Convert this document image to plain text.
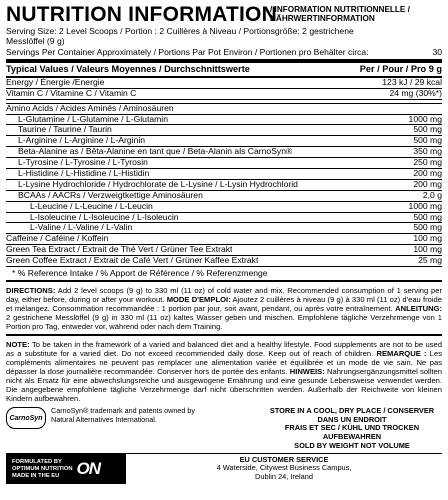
NUTRITION INFORMATION
/ INFORMATION NUTRITIONNELLE /
NÄHRWERTINFORMATION
Serving Size: 2 Level Scoops / Portion : 2 Cuillères à Niveau / Portionsgröße: 2 gestrichene
Messlöffel (9 g)
Servings Per Container Approximately / Portions Par Pot Environ / Portionen pro Behälter circa:	30
Typical Values / Valeurs Moyennes / Durchschnittswerte	Per / Pour / Pro 9 g
Energy / Énergie /Energie	123 kJ / 29 kcal
Vitamin C / Vitamine C / Vitamin C	24 mg (30%*)
Amino Acids / Acides Aminés / Aminosäuren
L-Glutamine / L-Glutamine / L-Glutamin	1000 mg
Taurine / Taurine / Taurin	500 mg
L-Arginine / L-Arginine / L-Arginin	500 mg
Beta-Alanine as / Bêta-Alanine en tant que / Beta-Alanin als CarnoSyn®	350 mg
L-Tyrosine / L-Tyrosine / L-Tyrosin	250 mg
L-Histidine / L-Histidine / L-Histidin	200 mg
L-Lysine Hydrochloride / Hydrochlorate de L-Lysine / L-Lysin Hydrochlorid	200 mg
BCAAs / AACRs / Verzweigtkettige Aminosäuren	2,0 g
L-Leucine / L-Leucine / L-Leucin	1000 mg
L-Isoleucine / L-Isoleucine / L-Isoleucin	500 mg
L-Valine / L-Valine / L-Valin	500 mg
Caffeine / Caféine / Koffein	100 mg
Green Tea Extract / Extrait de Thé Vert / Grüner Tee Extrakt	100 mg
Green Coffee Extract / Extrait de Café Vert / Grüner Kaffee Extrakt	25 mg
* % Reference Intake / % Apport de Référence / % Referenzmenge
DIRECTIONS: Add 2 level scoops (9 g) to 330 ml (11 oz) of cold water and mix. Recommended consumption of 1 serving per day, either before, during or after your workout. MODE D'EMPLOI: Ajoutez 2 cuillères à niveau (9 g) à 330 ml (11 oz) d'eau froide et mélangez. Consommation recommandée : 1 portion par jour, soit avant, pendant, ou après votre entraînement. ANLEITUNG: 2 gestrichene Messlöffel (9 g) in 330 ml (11 oz) kaltes Wasser geben und mischen. Empfohlene tägliche Verzehrmenge von 1 Portion pro Tag, entweder vor, während oder nach dem Training.
NOTE: To be taken in the framework of a varied and balanced diet and a healthy lifestyle. Food supplements are not to be used as a substitute for a varied diet. Do not exceed recommended daily dose. Keep out of reach of children. REMARQUE : Les compléments alimentaires ne peuvent pas remplacer une alimentation variée et équilibrée et un mode de vie sain. Ne pas dépasser la dose journalière recommandée. Conserver hors de portée des enfants. HINWEIS: Nahrungsergänzungsmittel sollten nicht als Ersatz für eine abwechslungsreiche und ausgewogene Ernährung und eine gesunde Lebensweise verwendet werden. Die angegebene empfohlene tägliche Verzehrmenge darf nicht überschritten werden. Außerhalb der Reichweite von kleinen Kindern aufbewahren.
CarnoSyn
CarnoSyn® trademark and patents owned by Natural Alternatives International.
STORE IN A COOL, DRY PLACE / CONSERVER DANS UN ENDROIT
FRAIS ET SEC / KÜHL UND TROCKEN AUFBEWAHREN
SOLD BY WEIGHT NOT VOLUME
FORMULATED BY
OPTIMUM NUTRITION
MADE IN THE EU	ON	EU CUSTOMER SERVICE
4 Waterside, Citywest Business Campus,
Dublin 24, Ireland
